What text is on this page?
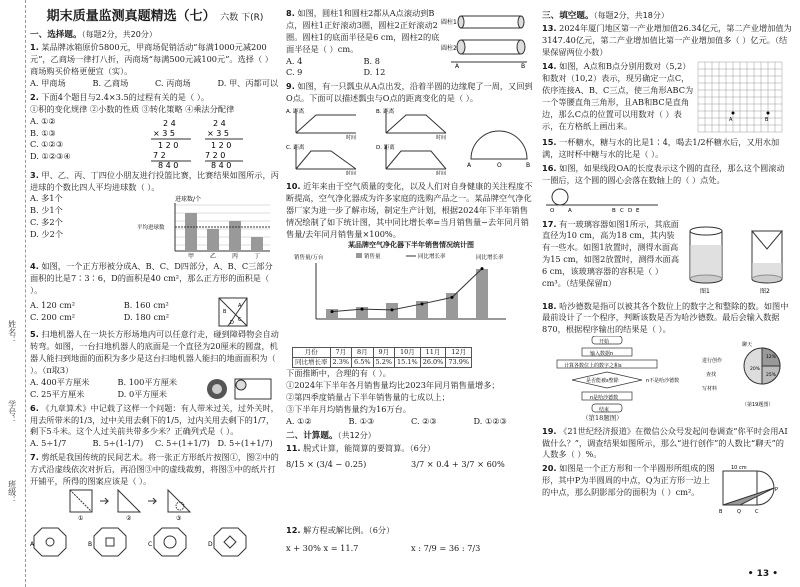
姓名：
学号：
班级：
期末质量监测真题精选（七） 六数 下(R)
一、选择题。（每题2分，共20分）
1. 某品牌冰箱原价5800元，甲商场促销活动“每满1000元减200元”，乙商场一律打八折，丙商场“每满500元减100元”。选择（ ）商场购买价格更便宜（实）。
A. 甲商场	B. 乙商场	C. 丙商场	D. 甲、丙都可以
2. 下面4个题目与2.4×3.5的过程有关的是（ ）。
①积的变化规律 ②小数的性质 ③转化策略 ④乘法分配律
A. ①②
B. ①③
C. ①②③
D. ①②③④
2 4
× 3 5
1 2 0
7 2
8 4 0
2 4
× 3 5
1 2 0
7 2 0
8 4 0
3. 甲、乙、丙、丁四位小朋友进行投篮比赛，比赛结果如图所示，丙进球的个数比四人平均进球数（ ）。
A. 多1个
B. 少1个
C. 多2个
D. 少2个
进球数/个
平均进球数
甲	乙	丙	丁
4. 如图，一个正方形被分成A、B、C、D四部分，A、B、C三部分面积的比是7∶3∶6，D的面积是40 cm²，那么正方形的面积是（ ）。
A. 120 cm²	B. 160 cm²
C. 200 cm²	D. 180 cm²
A
B
C
D
5. 扫地机器人在一块长方形场地内可以任意行走，碰到障碍物会自动转弯。如图，一台扫地机器人的底面是一个直径为20厘米的圆盘，机器人能扫到地面的面积为多少是这台扫地机器人能扫的地面面积为（ ）。（π取3）
A. 400平方厘米	B. 100平方厘米
C. 25平方厘米	D. 0平方厘米
6. 《九章算术》中记载了这样一个问题：有人带米过关，过外关时，用去所带米的1/3，过中关用去剩下的1/5，过内关用去剩下的1/7，剩下5斗米。这个人过关前共带多少米？正确列式是（ ）。
A. 5÷1/7	B. 5÷(1-1/7)	C. 5÷(1+1/7) D. 5÷(1+1/7)
7. 剪纸是我国传统的民间艺术。将一张正方形纸片按图①，图②中的方式沿虚线依次对折后，再沿图③中的虚线裁剪，将图③中的纸片打开铺平，所得的图案应该是（ ）。
①	②	③

A	B	C	D
8. 如图，圆柱1和圆柱2都从A点滚动到B点，圆柱1正好滚动3圈，圆柱2正好滚动2圈。圆柱1的底面半径是6 cm，圆柱2的底面半径是（ ）cm。
A. 4	B. 8
C. 9	D. 12
圆柱1
圆柱2
A	B
9. 如图，有一只瓢虫从A点出发，沿着半圆的边缘爬了一周，又回到O点。下面可以描述瓢虫与O点的距离变化的是（ ）。
A. 距离	B. 距离
C. 距离	D. 距离
时间	时间
时间	时间
A	O	B
10. 近年来由于空气质量的变化，以及人们对自身健康的关注程度不断提高，空气净化器成为许多家庭的选购产品之一。某品牌空气净化器厂家为进一步了解市场，制定生产计划，根据2024年下半年销售情况绘制了如下统计图，其中同比增长率=当月销售量−去年同月销售量/去年同月销售量×100%。
某品牌空气净化器下半年销售情况统计图
销售量/万台	销售量	同比增长率	同比增长率
月份	7月	8月	9月	10月	11月	12月
同比增长率	2.3%	6.5%	5.2%	15.1%	26.0%	73.9%
下面推断中，合理的有（ ）。
①2024年下半年各月销售量均比2023年同月销售量增多；
②第四季度销量占下半年销售量的七成以上；
③下半年月均销售量约为16万台。
A. ①②	B. ①③	C. ②③	D. ①②③
二、计算题。（共12分）
11. 脱式计算，能简算的要简算。（6分）
8/15 × (3/4 − 0.25)	3/7 × 0.4 + 3/7 × 60%
12. 解方程或解比例。（6分）
x + 30% x = 11.7	x : 7/9 = 36 : 7/3
三、填空题。（每题2分，共18分）
13. 2024年厦门地区第一产业增加值26.34亿元，第二产业增加值为3147.40亿元，第二产业增加值比第一产业增加值多（ ）亿元。（结果保留两位小数）
14. 如图，A点和B点分别用数对（5,2）和数对（10,2）表示，现另确定一点C，依序连接A、B、C三点，使三角形ABC为一个等腰直角三角形，且AB和BC是直角边，那么C点的位置可以用数对（ ）表示，在方格纸上画出来。
A	B
15. 一杯糖水，糖与水的比是1∶4，喝去1/2杯糖水后，又用水加满，这时杯中糖与水的比是（ ）。
16. 如图，如果线段OA的长度表示这个圆的直径，那么这个圆滚动一圈后，这个圆的圆心会落在数轴上的（ ）点处。
O A	B C D E
17. 有一玻璃容器如图1所示，其底面直径为10 cm，高为18 cm，其内装有一些水。如图1放置时，测得水面高为15 cm，如图2放置时，测得水面高6 cm，该玻璃容器的容积是（ ）cm³。（结果保留π）
图1	图2
18. 哈沙德数是指可以被其各个数位上的数字之和整除的数。如图中最前设计了一个程序，判断该数是否为哈沙德数。最后会输入数据870，根据程序输出的结果是（ ）。
开始
输入数据n
计算各数位上的数字之和s
是否能被s整除
n是哈沙德数
n不是哈沙德数
结束
聊天
进行创作
查找
写材料
12%
25%
20%
（第19题图）
（第18题图）
19. 《21世纪经济报道》在微信公众号发起问卷调查“你平时会用AI做什么？”，调查结果如图所示，那么“进行创作”的人数比“聊天”的人数多（ ）%。
20. 如图是一个正方形和一个半圆形所组成的图形，其中P为半圆周的中点，Q为正方形一边上的中点，那么阴影部分的面积为（ ）cm²。
10 cm
B	Q	C
P
• 13 •
